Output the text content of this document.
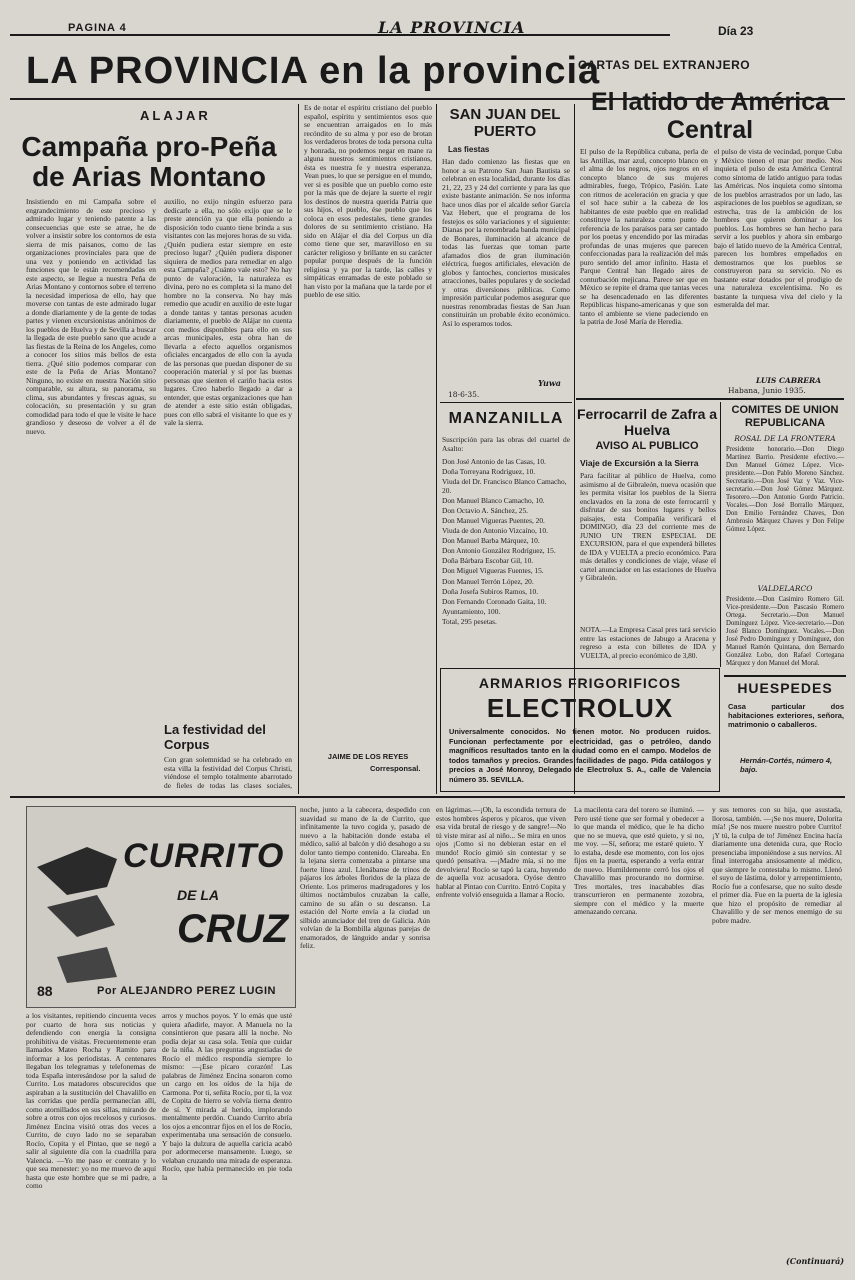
PAGINA 4	LA PROVINCIA	Día 23
LA PROVINCIA en la provincia
CARTAS DEL EXTRANJERO
ALAJAR
Campaña pro-Peña de Arias Montano
Insistiendo en mi Campaña sobre el engrandecimiento de este precioso y admirado lugar y teniendo patente a las consecuencias que este se atrae, he de volver a insistir sobre los contornos de esta sierra de mis paisanos, como de las organizaciones provinciales para que de una vez y poniendo en actividad las funciones que le están recomendadas en este aspecto, se llegue a nuestra Peña de Arias Montano y contornos sobre el terreno la necesidad imperiosa de ello, hay que moverse con tantas de este admirado lugar a donde diariamente y de la gente de todas partes y vienen excursionistas anónimos de los pueblos de Huelva y de Sevilla a buscar la llegada de este pueblo sano que acude a las fiestas de la Reina de los Angeles, como a conocer los sitios más bellos de esta tierra. ¿Qué sitio podemos comparar con este de la Peña de Arias Montano? Ninguno, no existe en nuestra Nación sitio comparable, su altura, su panorama, su clima, sus abundantes y frescas aguas, su colocación, su presentación y su gran comodidad para todo el que le visite le hace grandioso y deseoso de volver a él de nuevo.
auxilio, no exijo ningún esfuerzo para dedicarle a ella, no sólo exijo que se le preste atención ya que ella poniendo a disposición todo cuanto tiene brinda a sus visitantes con las mejores horas de su vida. ¿Quién pudiera estar siempre en este precioso lugar? ¿Quién pudiera disponer siquiera de medios para remediar en algo esta Campaña? ¿Cuánto vale esto? No hay punto de valoración, la naturaleza es divina, pero no es completa si la mano del hombre no la conserva. No hay más remedio que acudir en auxilio de este lugar a donde tantas y tantas personas acuden diariamente, el pueblo de Alájar no cuenta con medios disponibles para ello en sus arcas municipales, esta obra han de llevarla a efecto aquellos organismos oficiales encargados de ello con la ayuda de las personas que puedan disponer de su cooperación material y sí por las buenas personas que sienten el cariño hacia estos lugares. Creo haberlo llegado a dar a entender, que estas organizaciones que han de atender a este sitio están obligadas, pues con ello sabrá el visitante lo que es y vale la sierra.
La festividad del Corpus
Con gran solemnidad se ha celebrado en esta villa la festividad del Corpus Christi, viéndose el templo totalmente abarrotado de fieles de todas las clases sociales,
Es de notar el espíritu cristiano del pueblo español, espíritu y sentimientos esos que se encuentran arraigados en lo más recóndito de su alma y por eso de brotan los verdaderos brotes de toda persona culta y honrada, no podemos negar en mane ra alguna nuestros sentimientos cristianos, ésta es nuestra fe y nuestra esperanza. Vean pues, lo que se persigue en el mundo, ver si es posible que un pueblo como este por la más que de dejare la suerte el regir los destinos de nuestra querida Patria que sus hijos, el pueblo, ése pueblo que los coloca en esos pedestales, tiene grandes dolores de su sentimiento cristiano. Ha sido en Alájar el día del Corpus un día como tiene que ser, maravilloso en su carácter religioso y brillante en su carácter popular porque después de la función religiosa y ya por la tarde, las calles y simpáticas enramadas de este poblado se han visto por la mañana que la tarde por el pueblo de ese sitio.
JAIME DE LOS REYES
Corresponsal.
SAN JUAN DEL PUERTO
Las fiestas
Han dado comienzo las fiestas que en honor a su Patrono San Juan Bautista se celebran en esta localidad, durante los días 21, 22, 23 y 24 del corriente y para las que existe bastante animación. Se nos informa hace unos días por el alcalde señor García Vaz Hebert, que el programa de los festejos es sólo variaciones y el siguiente: Dianas por la renombrada banda municipal de Bonares, iluminación al alcance de todas las fuerzas que toman parte afamados dios de gran iluminación eléctrica, fuegos artificiales, elevación de globos y fantoches, conciertos musicales atracciones, bailes populares y de sociedad y otras diversiones públicas. Como impresión particular podemos asegurar que nuestras renombradas fiestas de San Juan constituirán un probable éxito económico. Así lo esperamos todos.
Yuwa
18-6-35.
MANZANILLA
Suscripción para las obras del cuartel de Asalto:
Don José Antonio de las Casas, 10.
Doña Torreyana Rodríguez, 10.
Viuda del Dr. Francisco Blanco Camacho, 20.
Don Manuel Blanco Camacho, 10.
Don Octavio A. Sánchez, 25.
Don Manuel Vigueras Puentes, 20.
Viuda de don Antonio Vizcaíno, 10.
Don Manuel Barba Márquez, 10.
Don Antonio González Rodríguez, 15.
Doña Bárbara Escobar Gil, 10.
Don Miguel Vigueras Fuentes, 15.
Don Manuel Terrón López, 20.
Doña Josefa Subiros Ramos, 10.
Don Fernando Coronado Gaita, 10.
Ayuntamiento, 100.
Total, 295 pesetas.
El latido de América Central
El pulso de la República cubana, perla de las Antillas, mar azul, concepto blanco en el alma de los negros, ojos negros en el concepto blanco de sus mujeres admirables, fuego, Trópico, Pasión. Late con ritmos de aceleración en gracia y que el sol hace subir a la cabeza de los habitantes de este pueblo que en realidad constituye la naturaleza como punto de referencia de los paraísos para ser cantado por los poetas y encendido por las miradas profundas de unas mujeres que parecen confeccionadas para la realización del más puro sentido del amor infinito. Hasta el Parque Central han llegado aires de conturbación mejicana. Parece ser que en México se repite el drama que tantas veces se ha desencadenado en las diferentes Repúblicas hispano-americanas y que son tanto el ambiente se viene padeciendo en la patria de José María de Heredia.
el pulso de vista de vecindad, porque Cuba y México tienen el mar por medio. Nos inquieta el pulso de esta América Central como síntoma de latido antiguo para todas las Américas. Nos inquieta como síntoma de los pueblos arrastrados por un lado, las aspiraciones de los pueblos se agudizan, se estrecha, tras de la ambición de los hombres que quieren dominar a los pueblos. Los hombres se han hecho para servir a los pueblos y ahora sin embargo bajo el latido nuevo de la América Central, parecen los hombres empeñados en demostrarnos que los pueblos se construyeron para su servicio. No es bastante estar dotados por el prodigio de una naturaleza excelentísima. No es bastante la turquesa viva del cielo y la esmeralda del mar.
LUIS CABRERA
Habana, Junio 1935.
Ferrocarril de Zafra a Huelva
AVISO AL PUBLICO
Viaje de Excursión a la Sierra
Para facilitar al público de Huelva, como asimismo al de Gibraleón, nueva ocasión que les permita visitar los pueblos de la Sierra enclavados en la zona de este ferrocarril y disfrutar de sus bonitos lugares y bellos paisajes, esta Compañía verificará el DOMINGO, día 23 del corriente mes de JUNIO UN TREN ESPECIAL DE EXCURSION, para el que expenderá billetes de IDA y VUELTA a precio económico. Para más detalles y condiciones de viaje, véase el cartel anunciador en las estaciones de Huelva y Gibraleón.
NOTA.—La Empresa Casal pres tará servicio entre las estaciones de Jabugo a Aracena y regreso a esta con billetes de IDA y VUELTA, al precio económico de 3,80.
COMITES DE UNION REPUBLICANA
ROSAL DE LA FRONTERA
Presidente honorario.—Don Diego Martínez Barrio. Presidente efectivo.—Don Manuel Gómez López. Vice-presidente.—Don Pablo Moreno Sánchez. Secretario.—Don José Vaz y Vaz. Vice-secretario.—Don José Gómez Márquez. Tesorero.—Don Antonio Gordo Patricio. Vocales.—Don José Borrallo Márquez, Don Emilio Fernández Chaves, Don Ambrosio Márquez Chaves y Don Felipe Gómez López.
VALDELARCO
Presidente.—Don Casimiro Romero Gil. Vice-presidente.—Don Pascasio Romero Ortega. Secretario.—Don Manuel Domínguez López. Vice-secretario.—Don José Blanco Domínguez. Vocales.—Don José Pedro Domínguez y Domínguez, don Manuel Ramón Quintana, don Bernardo González Lobo, don Rafael Cortegana Márquez y don Manuel del Moral.
ARMARIOS FRIGORIFICOS
ELECTROLUX
Universalmente conocidos. No tienen motor. No producen ruidos. Funcionan perfectamente por electricidad, gas o petróleo, dando magníficos resultados tanto en la ciudad como en el campo. Modelos de todos tamaños y precios. Grandes facilidades de pago. Pida catálogos y precios a José Monroy, Delegado de Electrolux S. A., calle de Valencia número 35. SEVILLA.
HUESPEDES
Casa particular dos habitaciones exteriores, señora, matrimonio o caballeros.
Hernán-Cortés, número 4, bajo.
CURRITO
DE LA
CRUZ
88	Por ALEJANDRO PEREZ LUGIN
a los visitantes, repitiendo cincuenta veces por cuarto de hora sus noticias y defendiendo con energía la consigna prohibitiva de visitas. Frecuentemente eran llamados Mateo Rocha y Ramito para informar a los periodistas. A centenares llegaban los telegramas y telefonemas de toda España interesándose por la salud de Currito. Los matadores obscurecidos que aspiraban a la sustitución del Chavalillo en las corridas que perdía permanecían allí, como atornillados en sus sillas, mirando de sobre a otros con ojos recelosos y curiosos. Jiménez Encina visitó otras dos veces a Currito, de cuyo lado no se separaban Rocío, Copita y el Pintao, que se negó a salir al siguiente día con la cuadrilla para Valencia. —Yo me paso er contrato y lo que sea menester: yo no me muevo de aquí hasta que este hombre que se mi padre, a como
arros y muchos poyos. Y lo emás que usté quiera añadirle, mayor. A Manuela no la consintieron que pasara allí la noche. No podía dejar su casa sola. Tenía que cuidar de la niña. A las preguntas angustiadas de Rocío el médico respondía siempre lo mismo: —¡Ese pícaro corazón! Las palabras de Jiménez Encina sonaron como un cargo en los oídos de la hija de Carmona. Por ti, señita Rocío, por ti, la voz de Copita de hierro se volvía tierna dentro de sí. Y mirada al herido, implorando mentalmente perdón. Cuando Currito abría los ojos a encontrar fijos en el los de Rocío, experimentaba una sensación de consuelo. Y bajo la dulzura de aquella caricia acabó por adormecerse mansamente. Luego, se velaban cruzando una mirada de esperanza. Rocío, que había permanecido en pie toda la
noche, junto a la cabecera, despedido con suavidad su mano de la de Currito, que infinitamente la tuvo cogida y, pasado de nuevo a la habitación donde estaba el médico, salió al balcón y dió desahogo a su dolor tanto tiempo contenido. Clareaba. En la lejana sierra comenzaba a pintarse una fuerte línea azul. Llenábanse de trinos de pájaros los árboles floridos de la plaza de Oriente. Los primeros madrugadores y los últimos noctámbulos cruzaban la calle, camino de su afán o su descanso. La estación del Norte envía a la ciudad un silbido anunciador del tren de Galicia. Aún volvían de la Bombilla algunas parejas de enamorados, de lánguido andar y sonrisa feliz.
en lágrimas.—¡Oh, la escondida ternura de estos hombres ásperos y pícaros, que viven esa vida brutal de riesgo y de sangre!—No tú viste mirar así al niño... Se mira en unos ojos ¡Como si no debieran estar en el mundo! Rocío gimió sin contestar y se quedó pensativa. —¡Madre mía, si no me devolviera! Rocío se tapó la cara, huyendo de aquella voz acusadora. Oyóse dentro hablar al Pintao con Currito. Entró Copita y enfrente volvió enseguida a llamar a Rocío.
La macilenta cara del torero se iluminó. —Pero usté tiene que ser formal y obedecer a lo que manda el médico, que le ha dicho que no se mueva, que esté quieto, y si no, me voy. —Sí, señora; me estaré quieto. Y lo estaba, desde ese momento, con los ojos fijos en la puerta, esperando a verla entrar de nuevo. Humildemente cerró los ojos el Chavalillo mas procurando no dormirse. Tres mortales, tres inacabables días transcurrieron en permanente zozobra, siempre con el médico y la muerte amenazando cercana.
y sus temores con su hija, que asustada, llorosa, también. —¡Se nos muere, Dolorita mía! ¡Se nos muere nuestro pobre Currito! ¡Y tú, la culpa de to! Jiménez Encina hacía diariamente una detenida cura, que Rocío presenciaba imponiéndose a sus nervios. Al final interrogaba ansiosamente al médico, que siempre le contestaba lo mismo. Llenó el suyo de lástima, dolor y arrepentimiento, Rocío fue a confesarse, que no suíto desde el primer día. Fue en la puerta de la iglesia que hizo el propósito de remediar al Chavalillo y de ser menos enemigo de su pobre madre.
(Continuará)
